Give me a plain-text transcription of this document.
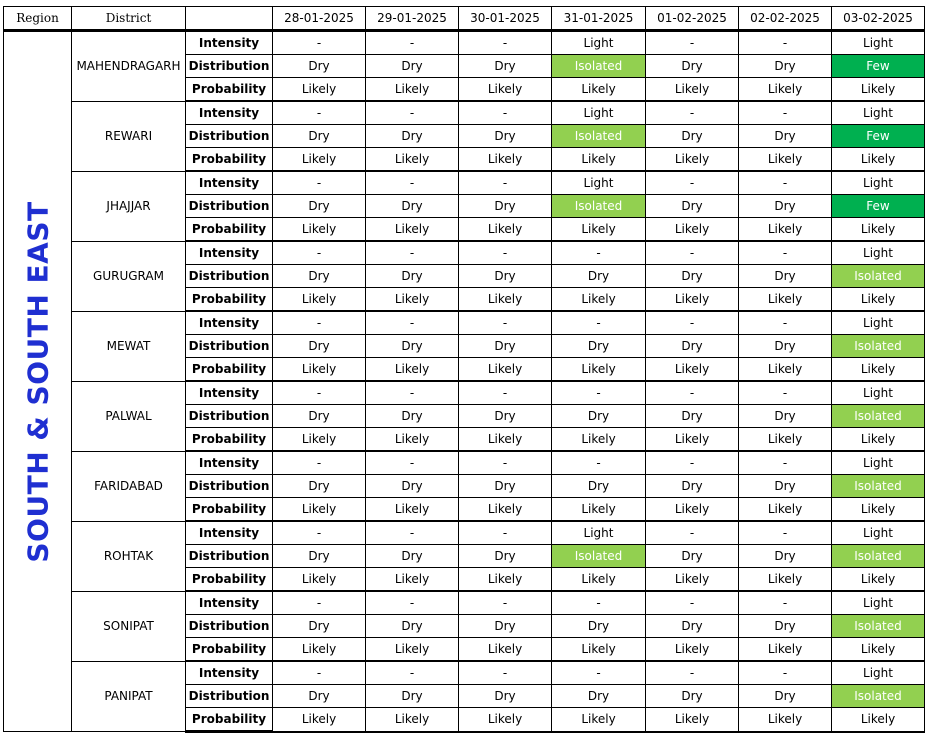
Region	District		28-01-2025	29-01-2025	30-01-2025	31-01-2025	01-02-2025	02-02-2025	03-02-2025

SOUTH & SOUTH EAST	MAHENDRAGARH	Intensity	-	-	-	Light	-	-	Light
		Distribution	Dry	Dry	Dry	Isolated	Dry	Dry	Few
		Probability	Likely	Likely	Likely	Likely	Likely	Likely	Likely
	REWARI	Intensity	-	-	-	Light	-	-	Light
		Distribution	Dry	Dry	Dry	Isolated	Dry	Dry	Few
		Probability	Likely	Likely	Likely	Likely	Likely	Likely	Likely
	JHAJJAR	Intensity	-	-	-	Light	-	-	Light
		Distribution	Dry	Dry	Dry	Isolated	Dry	Dry	Few
		Probability	Likely	Likely	Likely	Likely	Likely	Likely	Likely
	GURUGRAM	Intensity	-	-	-	-	-	-	Light
		Distribution	Dry	Dry	Dry	Dry	Dry	Dry	Isolated
		Probability	Likely	Likely	Likely	Likely	Likely	Likely	Likely
	MEWAT	Intensity	-	-	-	-	-	-	Light
		Distribution	Dry	Dry	Dry	Dry	Dry	Dry	Isolated
		Probability	Likely	Likely	Likely	Likely	Likely	Likely	Likely
	PALWAL	Intensity	-	-	-	-	-	-	Light
		Distribution	Dry	Dry	Dry	Dry	Dry	Dry	Isolated
		Probability	Likely	Likely	Likely	Likely	Likely	Likely	Likely
	FARIDABAD	Intensity	-	-	-	-	-	-	Light
		Distribution	Dry	Dry	Dry	Dry	Dry	Dry	Isolated
		Probability	Likely	Likely	Likely	Likely	Likely	Likely	Likely
	ROHTAK	Intensity	-	-	-	Light	-	-	Light
		Distribution	Dry	Dry	Dry	Isolated	Dry	Dry	Isolated
		Probability	Likely	Likely	Likely	Likely	Likely	Likely	Likely
	SONIPAT	Intensity	-	-	-	-	-	-	Light
		Distribution	Dry	Dry	Dry	Dry	Dry	Dry	Isolated
		Probability	Likely	Likely	Likely	Likely	Likely	Likely	Likely
	PANIPAT	Intensity	-	-	-	-	-	-	Light
		Distribution	Dry	Dry	Dry	Dry	Dry	Dry	Isolated
		Probability	Likely	Likely	Likely	Likely	Likely	Likely	Likely
